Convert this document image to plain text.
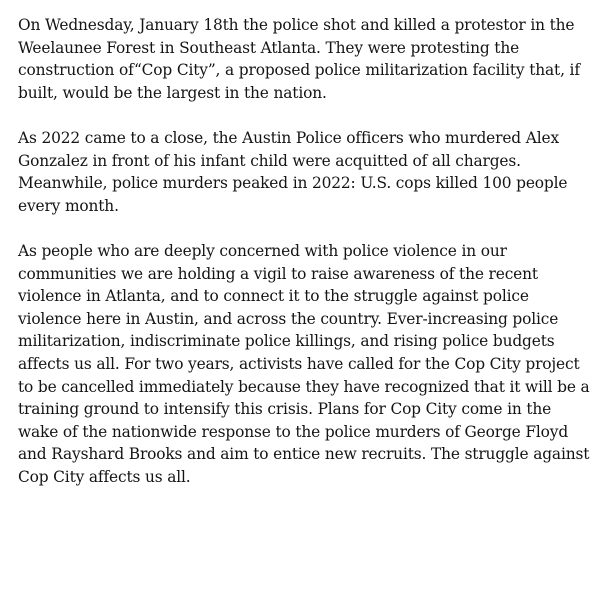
On Wednesday, January 18th the police shot and killed a protestor in the Weelaunee Forest in Southeast Atlanta. They were protesting the construction of“Cop City”, a proposed police militarization facility that, if built, would be the largest in the nation.

As 2022 came to a close, the Austin Police officers who murdered Alex Gonzalez in front of his infant child were acquitted of all charges. Meanwhile, police murders peaked in 2022: U.S. cops killed 100 people every month.

As people who are deeply concerned with police violence in our communities we are holding a vigil to raise awareness of the recent violence in Atlanta, and to connect it to the struggle against police violence here in Austin, and across the country. Ever-increasing police militarization, indiscriminate police killings, and rising police budgets affects us all. For two years, activists have called for the Cop City project to be cancelled immediately because they have recognized that it will be a training ground to intensify this crisis. Plans for Cop City come in the wake of the nationwide response to the police murders of George Floyd and Rayshard Brooks and aim to entice new recruits. The struggle against Cop City affects us all.
